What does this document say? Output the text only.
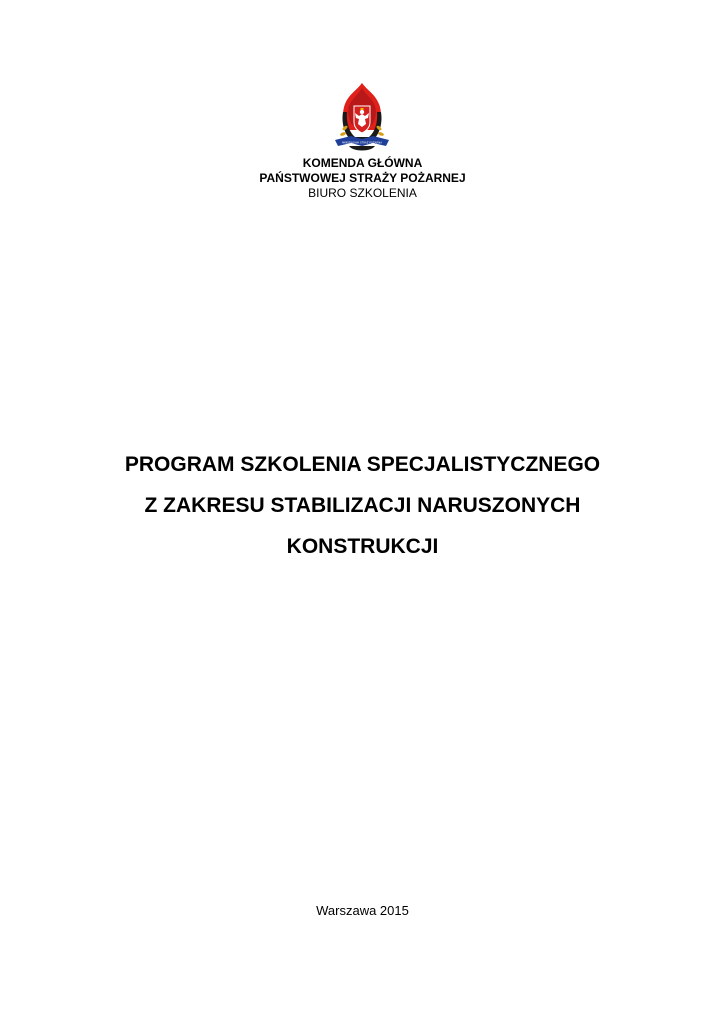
PAŃSTWOWA STRAŻ POŻARNA
KOMENDA GŁÓWNA
PAŃSTWOWEJ STRAŻY POŻARNEJ
BIURO SZKOLENIA
PROGRAM SZKOLENIA SPECJALISTYCZNEGO
Z ZAKRESU STABILIZACJI NARUSZONYCH
KONSTRUKCJI
Warszawa 2015
